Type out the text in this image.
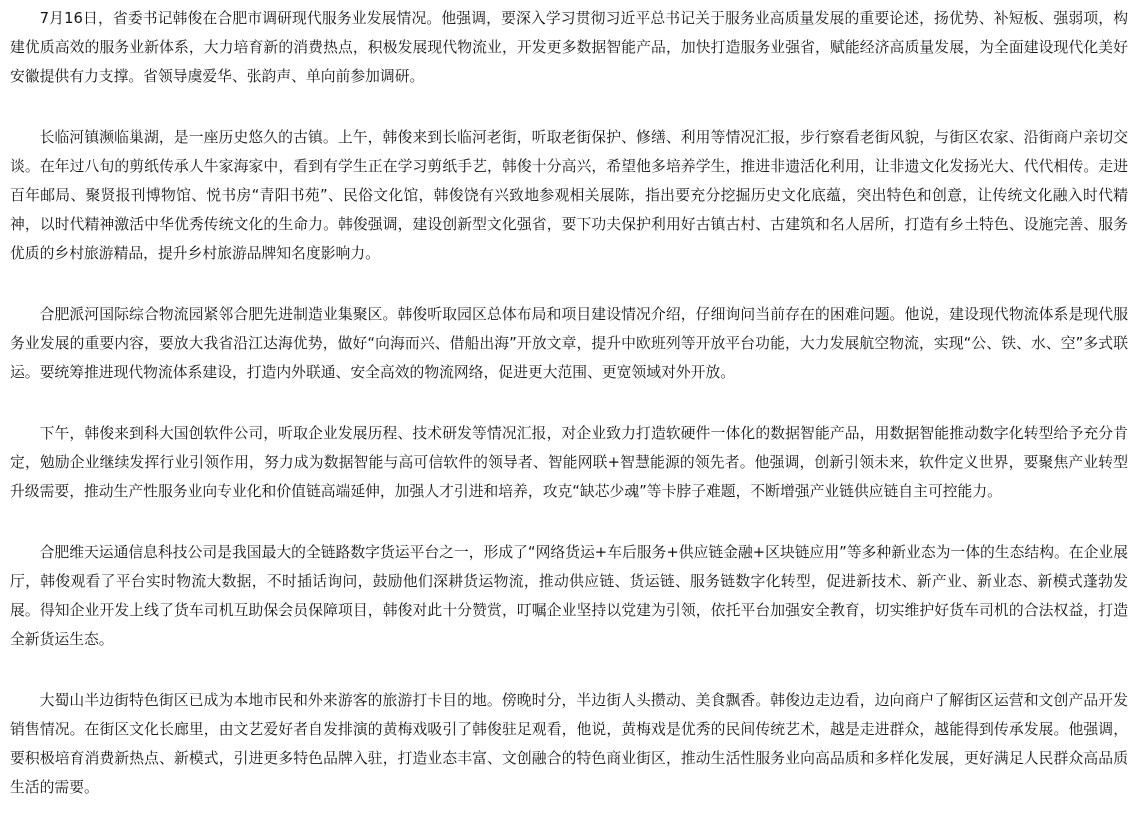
7月16日，省委书记韩俊在合肥市调研现代服务业发展情况。他强调，要深入学习贯彻习近平总书记关于服务业高质量发展的重要论述，扬优势、补短板、强弱项，构建优质高效的服务业新体系，大力培育新的消费热点，积极发展现代物流业，开发更多数据智能产品，加快打造服务业强省，赋能经济高质量发展，为全面建设现代化美好安徽提供有力支撑。省领导虞爱华、张韵声、单向前参加调研。

长临河镇濒临巢湖，是一座历史悠久的古镇。上午，韩俊来到长临河老街，听取老街保护、修缮、利用等情况汇报，步行察看老街风貌，与街区农家、沿街商户亲切交谈。在年过八旬的剪纸传承人牛家海家中，看到有学生正在学习剪纸手艺，韩俊十分高兴，希望他多培养学生，推进非遗活化利用，让非遗文化发扬光大、代代相传。走进百年邮局、聚贤报刊博物馆、悦书房“青阳书苑”、民俗文化馆，韩俊饶有兴致地参观相关展陈，指出要充分挖掘历史文化底蕴，突出特色和创意，让传统文化融入时代精神，以时代精神激活中华优秀传统文化的生命力。韩俊强调，建设创新型文化强省，要下功夫保护利用好古镇古村、古建筑和名人居所，打造有乡土特色、设施完善、服务优质的乡村旅游精品，提升乡村旅游品牌知名度影响力。

合肥派河国际综合物流园紧邻合肥先进制造业集聚区。韩俊听取园区总体布局和项目建设情况介绍，仔细询问当前存在的困难问题。他说，建设现代物流体系是现代服务业发展的重要内容，要放大我省沿江达海优势，做好“向海而兴、借船出海”开放文章，提升中欧班列等开放平台功能，大力发展航空物流，实现“公、铁、水、空”多式联运。要统筹推进现代物流体系建设，打造内外联通、安全高效的物流网络，促进更大范围、更宽领域对外开放。

下午，韩俊来到科大国创软件公司，听取企业发展历程、技术研发等情况汇报，对企业致力打造软硬件一体化的数据智能产品，用数据智能推动数字化转型给予充分肯定，勉励企业继续发挥行业引领作用，努力成为数据智能与高可信软件的领导者、智能网联+智慧能源的领先者。他强调，创新引领未来，软件定义世界，要聚焦产业转型升级需要，推动生产性服务业向专业化和价值链高端延伸，加强人才引进和培养，攻克“缺芯少魂”等卡脖子难题，不断增强产业链供应链自主可控能力。

合肥维天运通信息科技公司是我国最大的全链路数字货运平台之一，形成了“网络货运+车后服务+供应链金融+区块链应用”等多种新业态为一体的生态结构。在企业展厅，韩俊观看了平台实时物流大数据，不时插话询问，鼓励他们深耕货运物流，推动供应链、货运链、服务链数字化转型，促进新技术、新产业、新业态、新模式蓬勃发展。得知企业开发上线了货车司机互助保会员保障项目，韩俊对此十分赞赏，叮嘱企业坚持以党建为引领，依托平台加强安全教育，切实维护好货车司机的合法权益，打造全新货运生态。

大蜀山半边街特色街区已成为本地市民和外来游客的旅游打卡目的地。傍晚时分，半边街人头攒动、美食飘香。韩俊边走边看，边向商户了解街区运营和文创产品开发销售情况。在街区文化长廊里，由文艺爱好者自发排演的黄梅戏吸引了韩俊驻足观看，他说，黄梅戏是优秀的民间传统艺术，越是走进群众，越能得到传承发展。他强调，要积极培育消费新热点、新模式，引进更多特色品牌入驻，打造业态丰富、文创融合的特色商业街区，推动生活性服务业向高品质和多样化发展，更好满足人民群众高品质生活的需要。
